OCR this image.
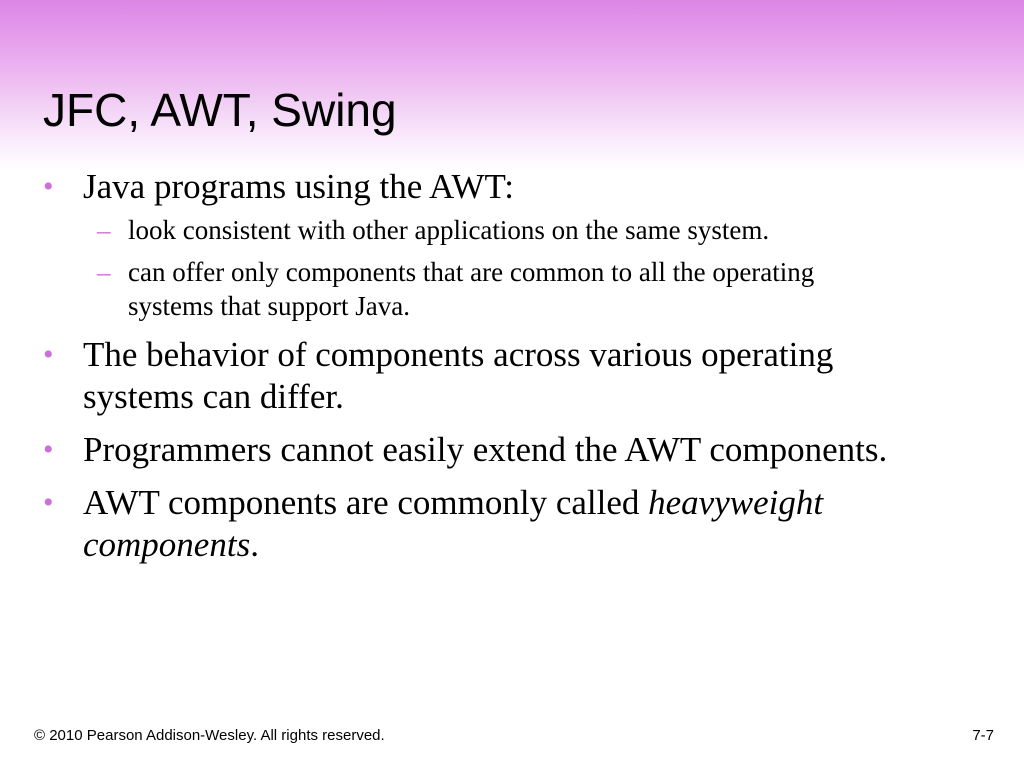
JFC, AWT, Swing
• Java programs using the AWT:
– look consistent with other applications on the same system.
– can offer only components that are common to all the operating systems that support Java.
• The behavior of components across various operating systems can differ.
• Programmers cannot easily extend the AWT components.
• AWT components are commonly called heavyweight components.
© 2010 Pearson Addison-Wesley. All rights reserved.	7-7
